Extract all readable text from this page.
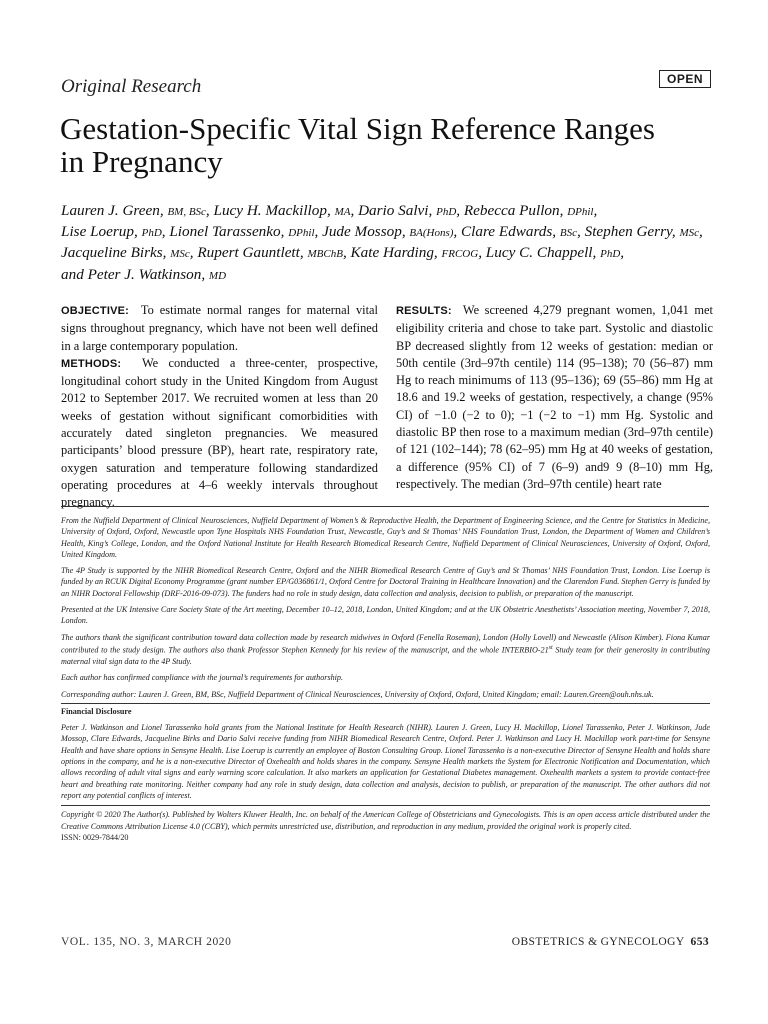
Original Research	OPEN
Gestation-Specific Vital Sign Reference Ranges in Pregnancy
Lauren J. Green, BM, BSc, Lucy H. Mackillop, MA, Dario Salvi, PhD, Rebecca Pullon, DPhil,
Lise Loerup, PhD, Lionel Tarassenko, DPhil, Jude Mossop, BA(Hons), Clare Edwards, BSc, Stephen Gerry, MSc,
Jacqueline Birks, MSc, Rupert Gauntlett, MBChB, Kate Harding, FRCOG, Lucy C. Chappell, PhD,
and Peter J. Watkinson, MD

OBJECTIVE: To estimate normal ranges for maternal vital signs throughout pregnancy, which have not been well defined in a large contemporary population.

METHODS: We conducted a three-center, prospective, longitudinal cohort study in the United Kingdom from August 2012 to September 2017. We recruited women at less than 20 weeks of gestation without significant comorbidities with accurately dated singleton pregnancies. We measured participants’ blood pressure (BP), heart rate, respiratory rate, oxygen saturation and temperature following standardized operating procedures at 4–6 weekly intervals throughout pregnancy.

RESULTS: We screened 4,279 pregnant women, 1,041 met eligibility criteria and chose to take part. Systolic and diastolic BP decreased slightly from 12 weeks of gestation: median or 50th centile (3rd–97th centile) 114 (95–138); 70 (56–87) mm Hg to reach minimums of 113 (95–136); 69 (55–86) mm Hg at 18.6 and 19.2 weeks of gestation, respectively, a change (95% CI) of −1.0 (−2 to 0); −1 (−2 to −1) mm Hg. Systolic and diastolic BP then rose to a maximum median (3rd–97th centile) of 121 (102–144); 78 (62–95) mm Hg at 40 weeks of gestation, a difference (95% CI) of 7 (6–9) and9 9 (8–10) mm Hg, respectively. The median (3rd–97th centile) heart rate

From the Nuffield Department of Clinical Neurosciences, Nuffield Department of Women’s & Reproductive Health, the Department of Engineering Science, and the Centre for Statistics in Medicine, University of Oxford, Oxford, Newcastle upon Tyne Hospitals NHS Foundation Trust, Newcastle, Guy’s and St Thomas’ NHS Foundation Trust, London, the Department of Women and Children’s Health, King’s College, London, and the Oxford National Institute for Health Research Biomedical Research Centre, Nuffield Department of Clinical Neurosciences, University of Oxford, Oxford, United Kingdom.

The 4P Study is supported by the NIHR Biomedical Research Centre, Oxford and the NIHR Biomedical Research Centre of Guy’s and St Thomas’ NHS Foundation Trust, London. Lise Loerup is funded by an RCUK Digital Economy Programme (grant number EP/G036861/1, Oxford Centre for Doctoral Training in Healthcare Innovation) and the Clarendon Fund. Stephen Gerry is funded by an NIHR Doctoral Fellowship (DRF-2016-09-073). The funders had no role in study design, data collection and analysis, decision to publish, or preparation of the manuscript.

Presented at the UK Intensive Care Society State of the Art meeting, December 10–12, 2018, London, United Kingdom; and at the UK Obstetric Anesthetists’ Association meeting, November 7, 2018, London.

The authors thank the significant contribution toward data collection made by research midwives in Oxford (Fenella Roseman), London (Holly Lovell) and Newcastle (Alison Kimber). Fiona Kumar contributed to the study design. The authors also thank Professor Stephen Kennedy for his review of the manuscript, and the whole INTERBIO-21st Study team for their generosity in contributing maternal vital sign data to the 4P Study.

Each author has confirmed compliance with the journal’s requirements for authorship.

Corresponding author: Lauren J. Green, BM, BSc, Nuffield Department of Clinical Neurosciences, University of Oxford, Oxford, United Kingdom; email: Lauren.Green@ouh.nhs.uk.

Financial Disclosure

Peter J. Watkinson and Lionel Tarassenko hold grants from the National Institute for Health Research (NIHR). Lauren J. Green, Lucy H. Mackillop, Lionel Tarassenko, Peter J. Watkinson, Jude Mossop, Clare Edwards, Jacqueline Birks and Dario Salvi receive funding from NIHR Biomedical Research Centre, Oxford. Peter J. Watkinson and Lucy H. Mackillop work part-time for Sensyne Health and have share options in Sensyne Health. Lise Loerup is currently an employee of Boston Consulting Group. Lionel Tarassenko is a non-executive Director of Sensyne Health and holds share options in the company, and he is a non-executive Director of Oxehealth and holds shares in the company. Sensyne Health markets the System for Electronic Notification and Documentation, which allows recording of adult vital signs and early warning score calculation. It also markets an application for Gestational Diabetes management. Oxehealth markets a system to provide contact-free heart and breathing rate monitoring. Neither company had any role in study design, data collection and analysis, decision to publish, or preparation of the manuscript. The other authors did not report any potential conflicts of interest.

Copyright © 2020 The Author(s). Published by Wolters Kluwer Health, Inc. on behalf of the American College of Obstetricians and Gynecologists. This is an open access article distributed under the Creative Commons Attribution License 4.0 (CCBY), which permits unrestricted use, distribution, and reproduction in any medium, provided the original work is properly cited.

ISSN: 0029-7844/20

VOL. 135, NO. 3, MARCH 2020	OBSTETRICS & GYNECOLOGY 653
